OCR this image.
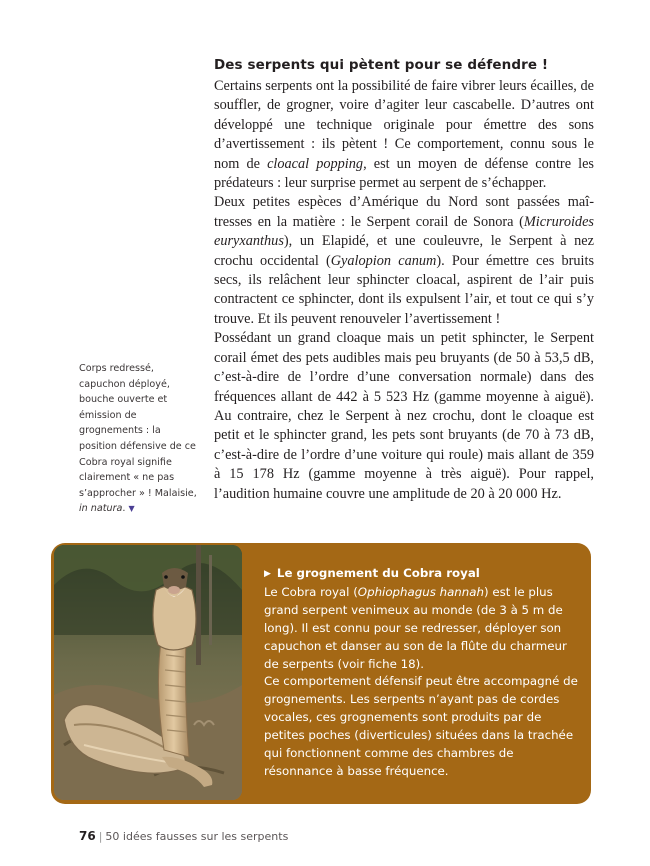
Des serpents qui pètent pour se défendre !

Certains serpents ont la possibilité de faire vibrer leurs écailles, de souffler, de grogner, voire d’agiter leur cascabelle. D’autres ont développé une technique originale pour émettre des sons d’avertissement : ils pètent ! Ce comportement, connu sous le nom de cloacal popping, est un moyen de défense contre les prédateurs : leur surprise permet au serpent de s’échapper.

Deux petites espèces d’Amérique du Nord sont passées maî-tresses en la matière : le Serpent corail de Sonora (Micruroides euryxanthus), un Elapidé, et une couleuvre, le Serpent à nez crochu occidental (Gyalopion canum). Pour émettre ces bruits secs, ils relâchent leur sphincter cloacal, aspirent de l’air puis contractent ce sphincter, dont ils expulsent l’air, et tout ce qui s’y trouve. Et ils peuvent renouveler l’avertissement !

Possédant un grand cloaque mais un petit sphincter, le Serpent corail émet des pets audibles mais peu bruyants (de 50 à 53,5 dB, c’est-à-dire de l’ordre d’une conversation normale) dans des fréquences allant de 442 à 5 523 Hz (gamme moyenne à aiguë). Au contraire, chez le Serpent à nez crochu, dont le cloaque est petit et le sphincter grand, les pets sont bruyants (de 70 à 73 dB, c’est-à-dire de l’ordre d’une voiture qui roule) mais allant de 359 à 15 178 Hz (gamme moyenne à très aiguë). Pour rappel, l’audition humaine couvre une amplitude de 20 à 20 000 Hz.

Corps redressé, capuchon déployé, bouche ouverte et émission de grognements : la position défensive de ce Cobra royal signifie clairement « ne pas s’approcher » ! Malaisie, in natura. ▼
▶ Le grognement du Cobra royal
Le Cobra royal (Ophiophagus hannah) est le plus grand serpent venimeux au monde (de 3 à 5 m de long). Il est connu pour se redresser, déployer son capuchon et danser au son de la flûte du charmeur de serpents (voir fiche 18).
Ce comportement défensif peut être accompagné de grognements. Les serpents n’ayant pas de cordes vocales, ces grognements sont produits par de petites poches (diverticules) situées dans la trachée qui fonctionnent comme des chambres de résonnance à basse fréquence.
76 | 50 idées fausses sur les serpents
